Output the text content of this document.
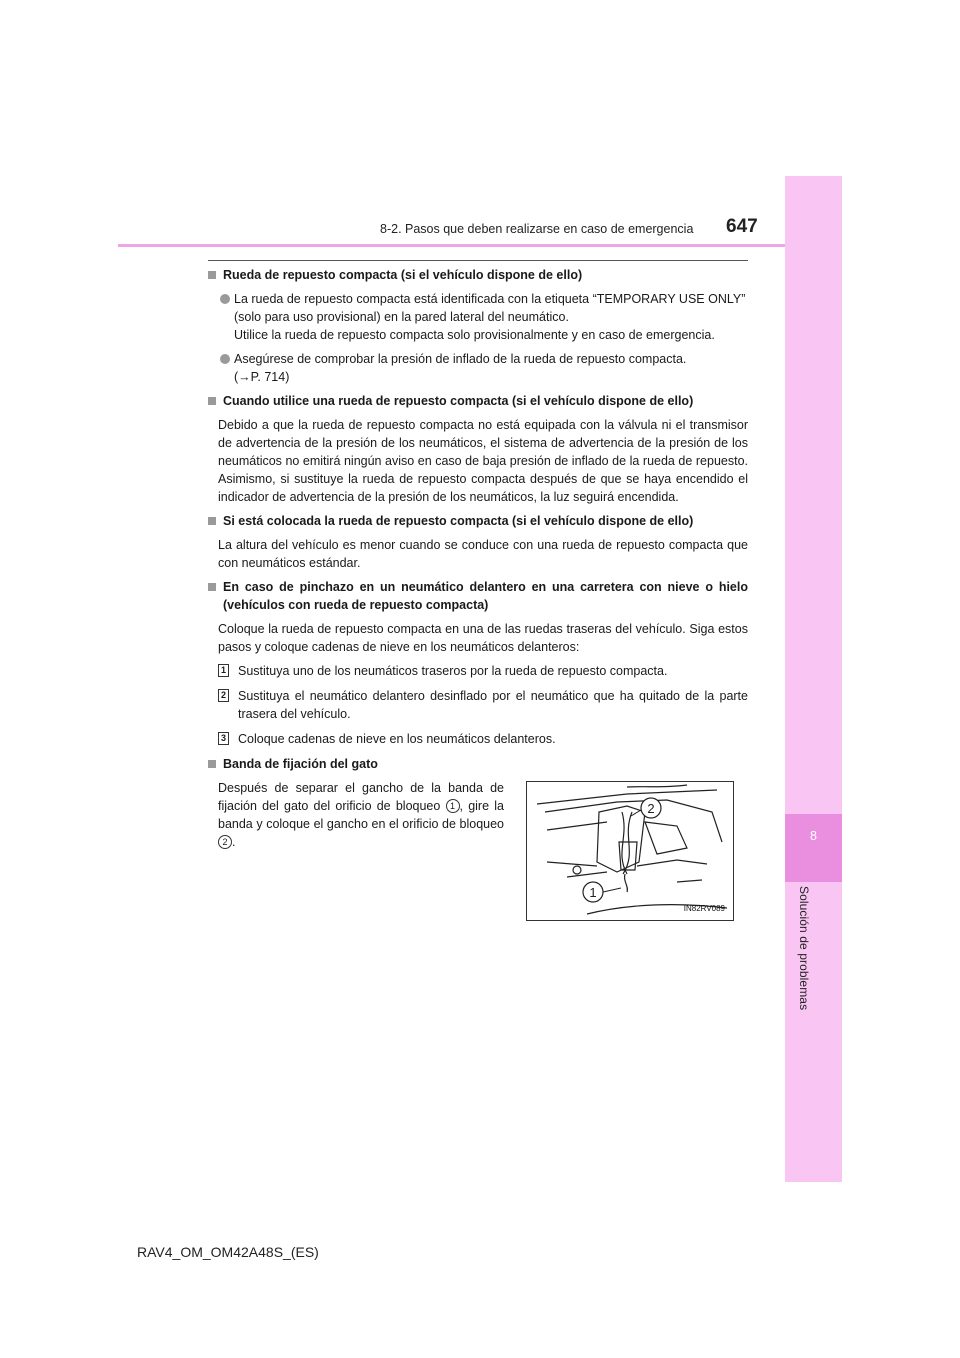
8-2. Pasos que deben realizarse en caso de emergencia 647
8
Solución de problemas
Rueda de repuesto compacta (si el vehículo dispone de ello)
La rueda de repuesto compacta está identificada con la etiqueta “TEMPORARY USE ONLY” (solo para uso provisional) en la pared lateral del neumático.
Utilice la rueda de repuesto compacta solo provisionalmente y en caso de emergencia.
Asegúrese de comprobar la presión de inflado de la rueda de repuesto compacta.
(→P. 714)
Cuando utilice una rueda de repuesto compacta (si el vehículo dispone de ello)
Debido a que la rueda de repuesto compacta no está equipada con la válvula ni el transmisor de advertencia de la presión de los neumáticos, el sistema de advertencia de la presión de los neumáticos no emitirá ningún aviso en caso de baja presión de inflado de la rueda de repuesto. Asimismo, si sustituye la rueda de repuesto compacta después de que se haya encendido el indicador de advertencia de la presión de los neumáticos, la luz seguirá encendida.
Si está colocada la rueda de repuesto compacta (si el vehículo dispone de ello)
La altura del vehículo es menor cuando se conduce con una rueda de repuesto compacta que con neumáticos estándar.
En caso de pinchazo en un neumático delantero en una carretera con nieve o hielo (vehículos con rueda de repuesto compacta)
Coloque la rueda de repuesto compacta en una de las ruedas traseras del vehículo. Siga estos pasos y coloque cadenas de nieve en los neumáticos delanteros:
1 Sustituya uno de los neumáticos traseros por la rueda de repuesto compacta.
2 Sustituya el neumático delantero desinflado por el neumático que ha quitado de la parte trasera del vehículo.
3 Coloque cadenas de nieve en los neumáticos delanteros.
Banda de fijación del gato
Después de separar el gancho de la banda de fijación del gato del orificio de bloqueo 1 , gire la banda y coloque el gancho en el orificio de bloqueo 2 .
2
1
IN82RV089
RAV4_OM_OM42A48S_(ES)
